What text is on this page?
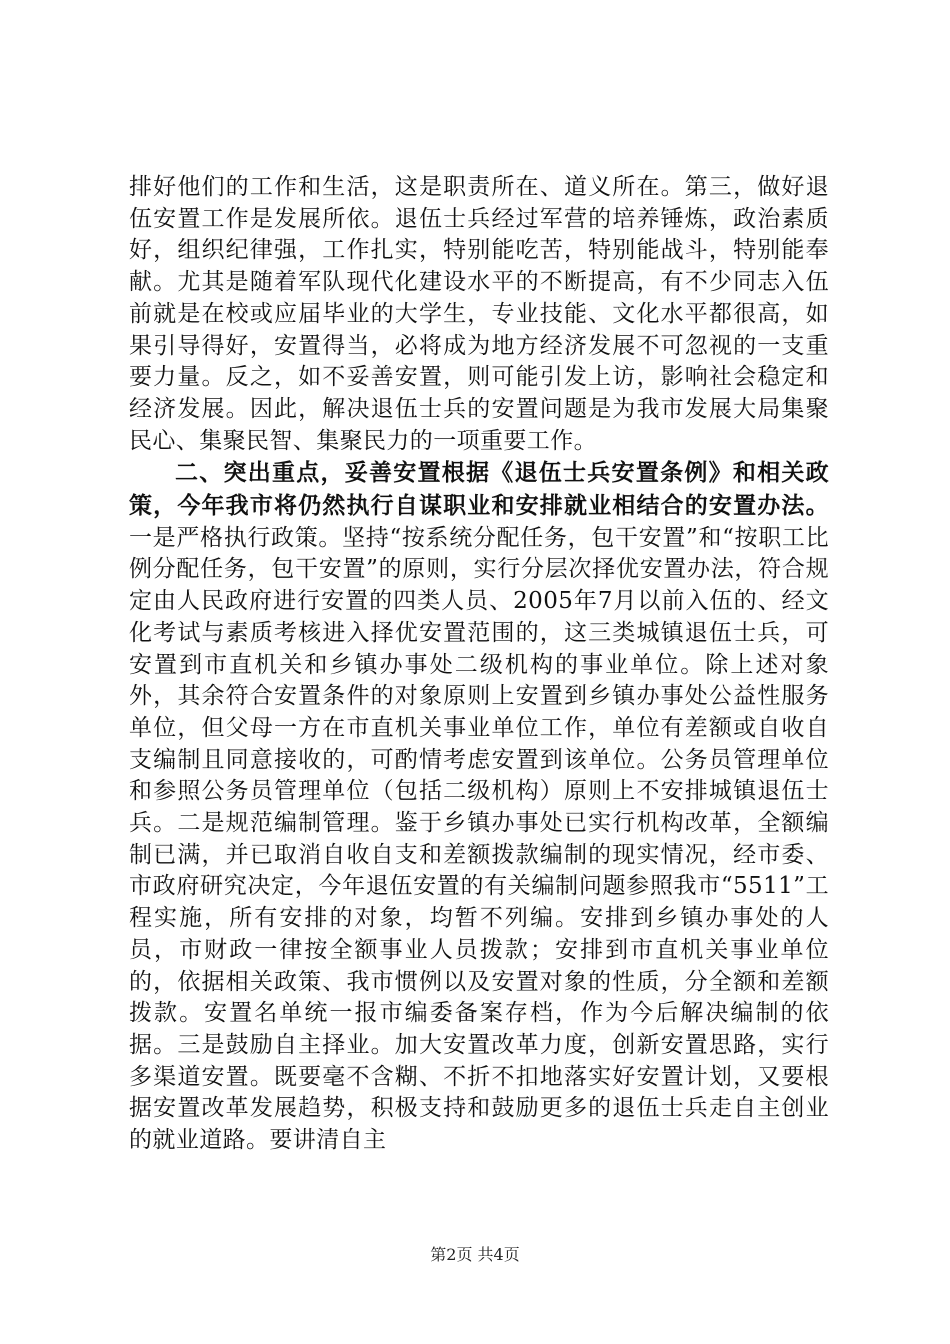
排好他们的工作和生活，这是职责所在、道义所在。第三，做好退伍安置工作是发展所依。退伍士兵经过军营的培养锤炼，政治素质好，组织纪律强，工作扎实，特别能吃苦，特别能战斗，特别能奉献。尤其是随着军队现代化建设水平的不断提高，有不少同志入伍前就是在校或应届毕业的大学生，专业技能、文化水平都很高，如果引导得好，安置得当，必将成为地方经济发展不可忽视的一支重要力量。反之，如不妥善安置，则可能引发上访，影响社会稳定和经济发展。因此，解决退伍士兵的安置问题是为我市发展大局集聚民心、集聚民智、集聚民力的一项重要工作。

二、突出重点，妥善安置根据《退伍士兵安置条例》和相关政策，今年我市将仍然执行自谋职业和安排就业相结合的安置办法。一是严格执行政策。坚持“按系统分配任务，包干安置”和“按职工比例分配任务，包干安置”的原则，实行分层次择优安置办法，符合规定由人民政府进行安置的四类人员、2005年7月以前入伍的、经文化考试与素质考核进入择优安置范围的，这三类城镇退伍士兵，可安置到市直机关和乡镇办事处二级机构的事业单位。除上述对象外，其余符合安置条件的对象原则上安置到乡镇办事处公益性服务单位，但父母一方在市直机关事业单位工作，单位有差额或自收自支编制且同意接收的，可酌情考虑安置到该单位。公务员管理单位和参照公务员管理单位（包括二级机构）原则上不安排城镇退伍士兵。二是规范编制管理。鉴于乡镇办事处已实行机构改革，全额编制已满，并已取消自收自支和差额拨款编制的现实情况，经市委、市政府研究决定，今年退伍安置的有关编制问题参照我市“5511”工程实施，所有安排的对象，均暂不列编。安排到乡镇办事处的人员，市财政一律按全额事业人员拨款；安排到市直机关事业单位的，依据相关政策、我市惯例以及安置对象的性质，分全额和差额拨款。安置名单统一报市编委备案存档，作为今后解决编制的依据。三是鼓励自主择业。加大安置改革力度，创新安置思路，实行多渠道安置。既要毫不含糊、不折不扣地落实好安置计划，又要根据安置改革发展趋势，积极支持和鼓励更多的退伍士兵走自主创业的就业道路。要讲清自主

第2页 共4页
